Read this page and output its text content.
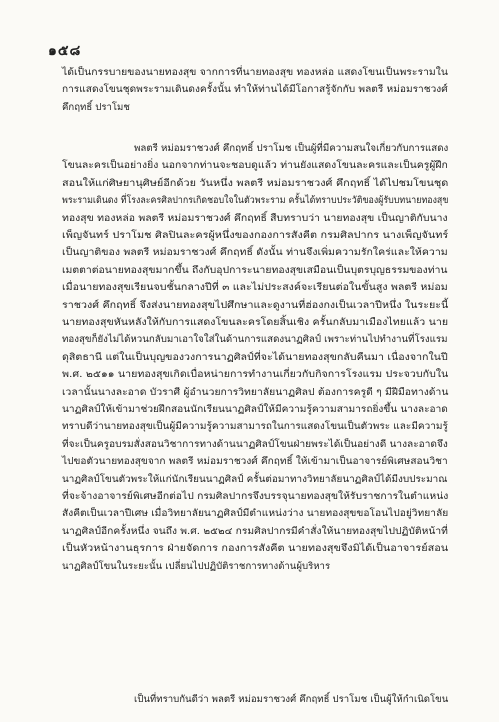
๑๕๘
ได้เป็นกรรบายของนายทองสุข จากการที่นายทองสุข ทองหล่อ แสดงโขนเป็นพระรามใน
การแสดงโขนชุดพระรามเดินดงครั้งนั้น ทำให้ท่านได้มีโอกาสรู้จักกับ พลตรี หม่อมราชวงศ์
คึกฤทธิ์ ปราโมช
พลตรี หม่อมราชวงศ์ คึกฤทธิ์ ปราโมช เป็นผู้ที่มีความสนใจเกี่ยวกับการแสดง
โขนละครเป็นอย่างยิ่ง นอกจากท่านจะชอบดูแล้ว ท่านยังแสดงโขนละครและเป็นครูผู้ฝึก
สอนให้แก่ศิษยานุศิษย์อีกด้วย วันหนึ่ง พลตรี หม่อมราชวงศ์ คึกฤทธิ์ ได้ไปชมโขนชุด
พระรามเดินดง ที่โรงละครศิลปากรเกิดชอบใจในตัวพระราม ครั้นได้ทราบประวัติของผู้รับบทนายทองสุข
ทองสุข ทองหล่อ พลตรี หม่อมราชวงศ์ คึกฤทธิ์ สืบทราบว่า นายทองสุข เป็นญาติกับนาง
เพ็ญจันทร์ ปราโมช ศิลปินละครผู้หนึ่งของกองการสังคีต กรมศิลปากร นางเพ็ญจันทร์
เป็นญาติของ พลตรี หม่อมราชวงศ์ คึกฤทธิ์ ดังนั้น ท่านจึงเพิ่มความรักใคร่และให้ความ
เมตตาต่อนายทองสุขมากขึ้น ถึงกับอุปการะนายทองสุขเสมือนเป็นบุตรบุญธรรมของท่าน
เมื่อนายทองสุขเรียนจบชั้นกลางปีที่ ๓ และไม่ประสงค์จะเรียนต่อในขั้นสูง พลตรี หม่อม
ราชวงศ์ คึกฤทธิ์ จึงส่งนายทองสุขไปศึกษาและดูงานที่ฮ่องกงเป็นเวลาปีหนึ่ง ในระยะนี้
นายทองสุขหันหลังให้กับการแสดงโขนละครโดยสิ้นเชิง ครั้นกลับมาเมืองไทยแล้ว นาย
ทองสุขก็ยังไม่ได้หวนกลับมาเอาใจใส่ในด้านการแสดงนาฏศิลป์ เพราะท่านไปทำงานที่โรงแรม
ดุสิตธานี แต่ในเป็นบุญของวงการนาฏศิลป์ที่จะได้นายทองสุขกลับคืนมา เนื่องจากในปี
พ.ศ. ๒๕๑๑ นายทองสุขเกิดเบื่อหน่ายการทำงานเกี่ยวกับกิจการโรงแรม ประจวบกับใน
เวลานั้นนางละอาด บัวราศี ผู้อำนวยการวิทยาลัยนาฏศิลป ต้องการครูดี ๆ มีฝีมือทางด้าน
นาฏศิลป์ให้เข้ามาช่วยฝึกสอนนักเรียนนาฏศิลป์ให้มีความรู้ความสามารถยิ่งขึ้น นางละอาด
ทราบดีว่านายทองสุขเป็นผู้มีความรู้ความสามารถในการแสดงโขนเป็นตัวพระ และมีความรู้
ที่จะเป็นครูอบรมสั่งสอนวิชาการทางด้านนาฏศิลป์โขนฝ่ายพระได้เป็นอย่างดี นางละอาดจึง
ไปขอตัวนายทองสุขจาก พลตรี หม่อมราชวงศ์ คึกฤทธิ์ ให้เข้ามาเป็นอาจารย์พิเศษสอนวิชา
นาฏศิลป์โขนตัวพระให้แก่นักเรียนนาฏศิลป์ ครั้นต่อมาทางวิทยาลัยนาฏศิลป์ได้มีงบประมาณ
ที่จะจ้างอาจารย์พิเศษอีกต่อไป กรมศิลปากรจึงบรรจุนายทองสุขให้รับราชการในตำแหน่ง
สังคีตเป็นเวลาปีเศษ เมื่อวิทยาลัยนาฏศิลป์มีตำแหน่งว่าง นายทองสุขขอโอนไปอยู่วิทยาลัย
นาฏศิลป์อีกครั้งหนึ่ง จนถึง พ.ศ. ๒๕๒๔ กรมศิลปากรมีคำสั่งให้นายทองสุขไปปฏิบัติหน้าที่
เป็นหัวหน้างานธุรการ ฝ่ายจัดการ กองการสังคีต นายทองสุขจึงมิได้เป็นอาจารย์สอน
นาฏศิลป์โขนในระยะนั้น เปลี่ยนไปปฏิบัติราชการทางด้านผู้บริหาร
เป็นที่ทราบกันดีว่า พลตรี หม่อมราชวงศ์ คึกฤทธิ์ ปราโมช เป็นผู้ให้กำเนิดโขน
